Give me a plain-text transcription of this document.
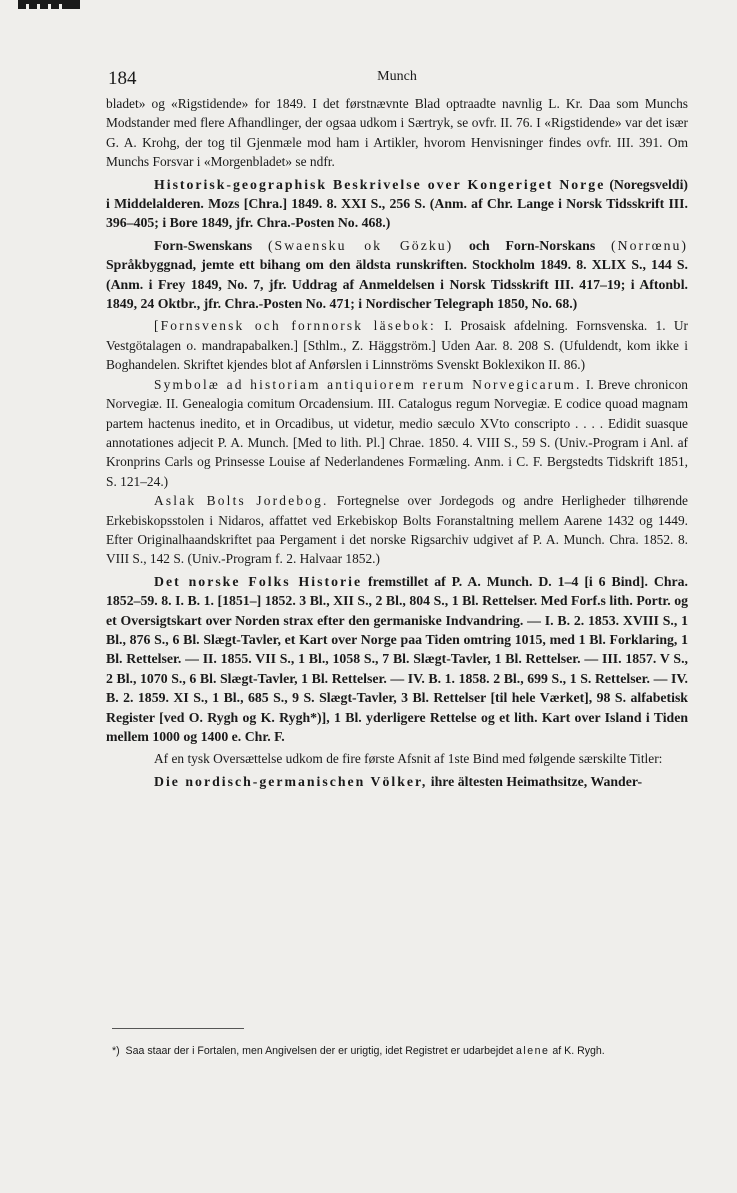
184	Munch

bladet» og «Rigstidende» for 1849. I det førstnævnte Blad optraadte navnlig L. Kr. Daa som Munchs Modstander med flere Afhandlinger, der ogsaa udkom i Særtryk, se ovfr. II. 76. I «Rigstidende» var det især G. A. Krohg, der tog til Gjenmæle mod ham i Artikler, hvorom Henvisninger findes ovfr. III. 391. Om Munchs Forsvar i «Morgenbladet» se ndfr.

Historisk-geographisk Beskrivelse over Kongeriget Norge (Noregsveldi) i Middelalderen. Mozs [Chra.] 1849. 8. XXI S., 256 S. (Anm. af Chr. Lange i Norsk Tidsskrift III. 396–405; i Bore 1849, jfr. Chra.-Posten No. 468.)

Forn-Swenskans (Swaensku ok Gözku) och Forn-Norskans (Norrœnu) Språkbyggnad, jemte ett bihang om den äldsta runskriften. Stockholm 1849. 8. XLIX S., 144 S. (Anm. i Frey 1849, No. 7, jfr. Uddrag af Anmeldelsen i Norsk Tidsskrift III. 417–19; i Aftonbl. 1849, 24 Oktbr., jfr. Chra.-Posten No. 471; i Nordischer Telegraph 1850, No. 68.)

[Fornsvensk och fornnorsk läsebok: I. Prosaisk afdelning. Fornsvenska. 1. Ur Vestgötalagen o. mandrapabalken.] [Sthlm., Z. Häggström.] Uden Aar. 8. 208 S. (Ufuldendt, kom ikke i Boghandelen. Skriftet kjendes blot af Anførslen i Linnströms Svenskt Boklexikon II. 86.)

Symbolæ ad historiam antiquiorem rerum Norvegicarum. I. Breve chronicon Norvegiæ. II. Genealogia comitum Orcadensium. III. Catalogus regum Norvegiæ. E codice quoad magnam partem hactenus inedito, et in Orcadibus, ut videtur, medio sæculo XVto conscripto . . . . Edidit suasque annotationes adjecit P. A. Munch. [Med to lith. Pl.] Chrae. 1850. 4. VIII S., 59 S. (Univ.-Program i Anl. af Kronprins Carls og Prinsesse Louise af Nederlandenes Formæling. Anm. i C. F. Bergstedts Tidskrift 1851, S. 121–24.)

Aslak Bolts Jordebog. Fortegnelse over Jordegods og andre Herligheder tilhørende Erkebiskopsstolen i Nidaros, affattet ved Erkebiskop Bolts Foranstaltning mellem Aarene 1432 og 1449. Efter Originalhaandskriftet paa Pergament i det norske Rigsarchiv udgivet af P. A. Munch. Chra. 1852. 8. VIII S., 142 S. (Univ.-Program f. 2. Halvaar 1852.)

Det norske Folks Historie fremstillet af P. A. Munch. D. 1–4 [i 6 Bind]. Chra. 1852–59. 8. I. B. 1. [1851–] 1852. 3 Bl., XII S., 2 Bl., 804 S., 1 Bl. Rettelser. Med Forf.s lith. Portr. og et Oversigtskart over Norden strax efter den germaniske Indvandring. — I. B. 2. 1853. XVIII S., 1 Bl., 876 S., 6 Bl. Slægt-Tavler, et Kart over Norge paa Tiden omtring 1015, med 1 Bl. Forklaring, 1 Bl. Rettelser. — II. 1855. VII S., 1 Bl., 1058 S., 7 Bl. Slægt-Tavler, 1 Bl. Rettelser. — III. 1857. V S., 2 Bl., 1070 S., 6 Bl. Slægt-Tavler, 1 Bl. Rettelser. — IV. B. 1. 1858. 2 Bl., 699 S., 1 S. Rettelser. — IV. B. 2. 1859. XI S., 1 Bl., 685 S., 9 S. Slægt-Tavler, 3 Bl. Rettelser [til hele Værket], 98 S. alfabetisk Register [ved O. Rygh og K. Rygh*)], 1 Bl. yderligere Rettelse og et lith. Kart over Island i Tiden mellem 1000 og 1400 e. Chr. F.

Af en tysk Oversættelse udkom de fire første Afsnit af 1ste Bind med følgende særskilte Titler:

Die nordisch-germanischen Völker, ihre ältesten Heimathsitze, Wander-

*) Saa staar der i Fortalen, men Angivelsen der er urigtig, idet Registret er udarbejdet alene af K. Rygh.
